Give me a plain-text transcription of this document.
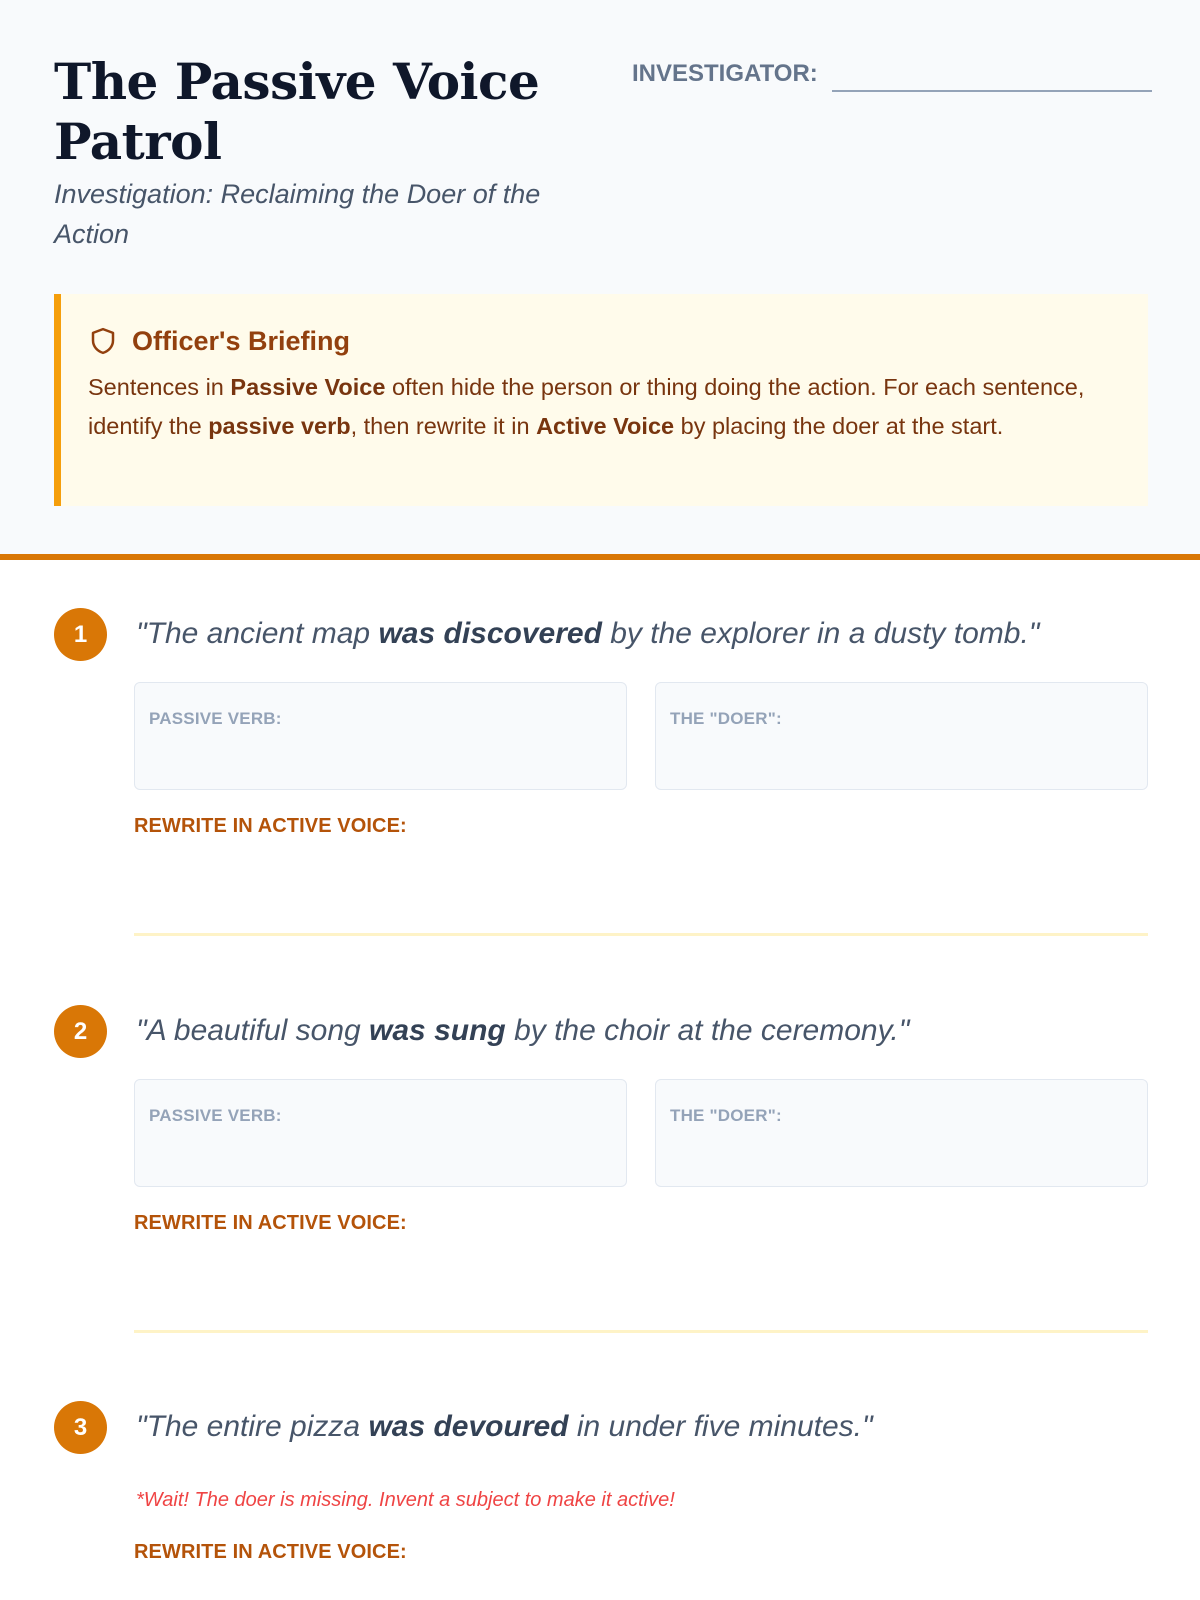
The Passive Voice Patrol
Investigation: Reclaiming the Doer of the Action
INVESTIGATOR:
Officer's Briefing

Sentences in Passive Voice often hide the person or thing doing the action. For each sentence, identify the passive verb, then rewrite it in Active Voice by placing the doer at the start.

1	"The ancient map was discovered by the explorer in a dusty tomb."
PASSIVE VERB:	THE "DOER":
REWRITE IN ACTIVE VOICE:
2	"A beautiful song was sung by the choir at the ceremony."
PASSIVE VERB:	THE "DOER":
REWRITE IN ACTIVE VOICE:
3	"The entire pizza was devoured in under five minutes."
*Wait! The doer is missing. Invent a subject to make it active!
REWRITE IN ACTIVE VOICE:
